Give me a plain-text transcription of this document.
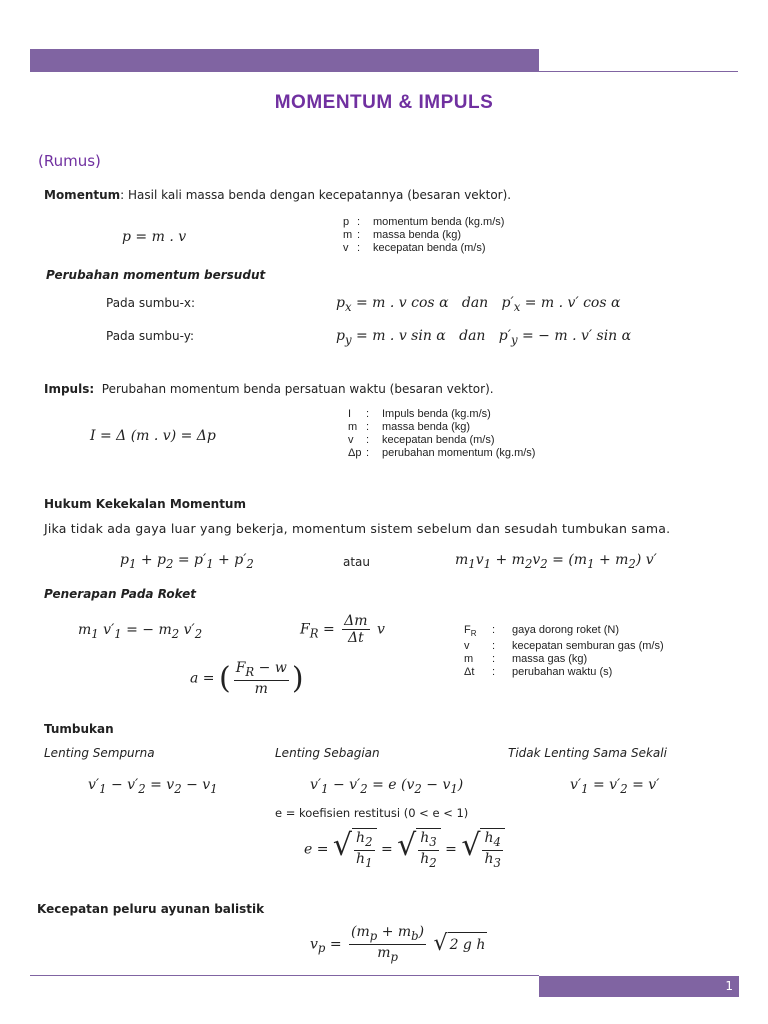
1
MOMENTUM & IMPULS
(Rumus)
Momentum: Hasil kali massa benda dengan kecepatannya (besaran vektor).
p = m . v
p : momentum benda (kg.m/s)
m : massa benda (kg)
v : kecepatan benda (m/s)
Perubahan momentum bersudut
Pada sumbu-x:	$p_x = m$ . v cos α   dan   $p'_x = m$ . v′ cos α
Pada sumbu-y:	$p_y = m$ . v sin α   dan   $p'_y$ = − m . v′ sin α
Impuls: Perubahan momentum benda persatuan waktu (besaran vektor).
I = Δ (m . v) = Δp
I : Impuls benda (kg.m/s)
m : massa benda (kg)
v : kecepatan benda (m/s)
Δp : perubahan momentum (kg.m/s)
Hukum Kekekalan Momentum
Jika tidak ada gaya luar yang bekerja, momentum sistem sebelum dan sesudah tumbukan sama.
$p_1 + p_2 = p'_1 + p'_2$	atau	$m_1v_1 + m_2v_2 = (m_1 + m_2)$ v′
Penerapan Pada Roket
$m_1$ $v'_1$ = − $m_2$ $v'_2$	$F_R = \frac{\Delta m}{\Delta t}$ v
a = ( $\frac{F_R - w}{m}$ )
$F_R$ : gaya dorong roket (N)
v : kecepatan semburan gas (m/s)
m : massa gas (kg)
Δt : perubahan waktu (s)
Tumbukan
Lenting Sempurna	Lenting Sebagian	Tidak Lenting Sama Sekali
$v'_1 - v'_2 = v_2 - v_1$	$v'_1 - v'_2 = e$ $(v_2 - v_1)$	$v'_1 = v'_2 = v'$
e = koefisien restitusi (0 < e < 1)
e = √ $\frac{h_2}{h_1}$ = √ $\frac{h_3}{h_2}$ = √ $\frac{h_4}{h_3}$
Kecepatan peluru ayunan balistik
$v_p = \frac{(m_p + m_b)}{m_p}$
√ 2 g h
